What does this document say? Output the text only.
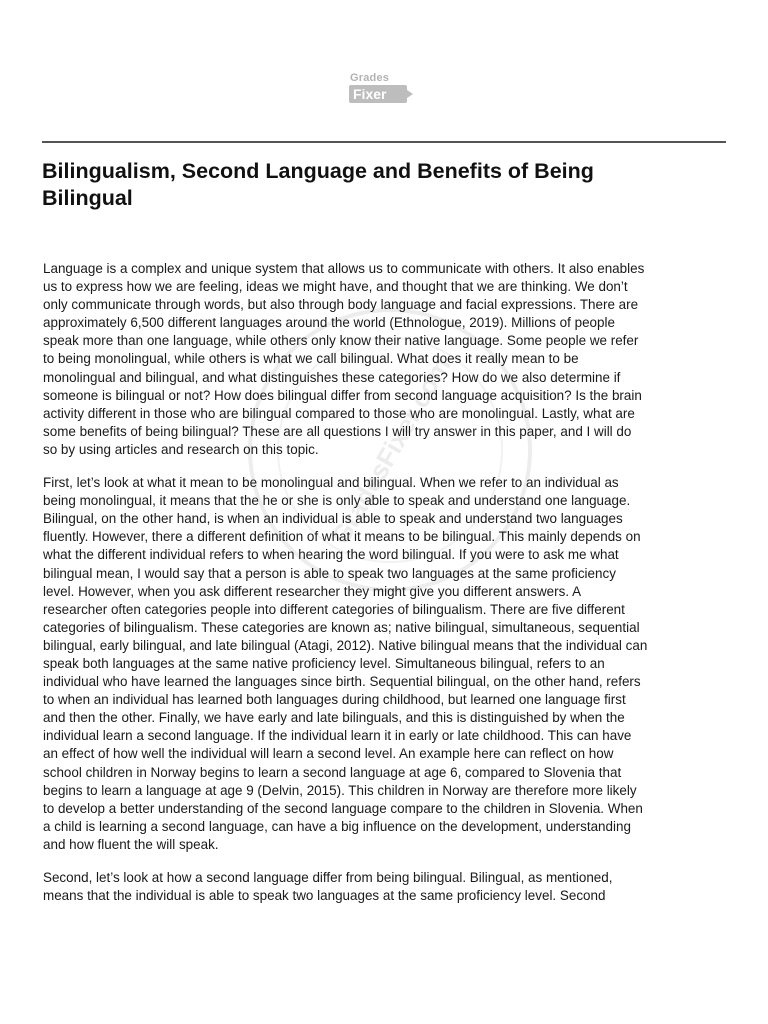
Grades
Fixer
Bilingualism, Second Language and Benefits of Being
Bilingual
GradesFixer.com

Language is a complex and unique system that allows us to communicate with others. It also enables
us to express how we are feeling, ideas we might have, and thought that we are thinking. We don’t
only communicate through words, but also through body language and facial expressions. There are
approximately 6,500 different languages around the world (Ethnologue, 2019). Millions of people
speak more than one language, while others only know their native language. Some people we refer
to being monolingual, while others is what we call bilingual. What does it really mean to be
monolingual and bilingual, and what distinguishes these categories? How do we also determine if
someone is bilingual or not? How does bilingual differ from second language acquisition? Is the brain
activity different in those who are bilingual compared to those who are monolingual. Lastly, what are
some benefits of being bilingual? These are all questions I will try answer in this paper, and I will do
so by using articles and research on this topic.

First, let’s look at what it mean to be monolingual and bilingual. When we refer to an individual as
being monolingual, it means that the he or she is only able to speak and understand one language.
Bilingual, on the other hand, is when an individual is able to speak and understand two languages
fluently. However, there a different definition of what it means to be bilingual. This mainly depends on
what the different individual refers to when hearing the word bilingual. If you were to ask me what
bilingual mean, I would say that a person is able to speak two languages at the same proficiency
level. However, when you ask different researcher they might give you different answers. A
researcher often categories people into different categories of bilingualism. There are five different
categories of bilingualism. These categories are known as; native bilingual, simultaneous, sequential
bilingual, early bilingual, and late bilingual (Atagi, 2012). Native bilingual means that the individual can
speak both languages at the same native proficiency level. Simultaneous bilingual, refers to an
individual who have learned the languages since birth. Sequential bilingual, on the other hand, refers
to when an individual has learned both languages during childhood, but learned one language first
and then the other. Finally, we have early and late bilinguals, and this is distinguished by when the
individual learn a second language. If the individual learn it in early or late childhood. This can have
an effect of how well the individual will learn a second level. An example here can reflect on how
school children in Norway begins to learn a second language at age 6, compared to Slovenia that
begins to learn a language at age 9 (Delvin, 2015). This children in Norway are therefore more likely
to develop a better understanding of the second language compare to the children in Slovenia. When
a child is learning a second language, can have a big influence on the development, understanding
and how fluent the will speak.

Second, let’s look at how a second language differ from being bilingual. Bilingual, as mentioned,
means that the individual is able to speak two languages at the same proficiency level. Second
